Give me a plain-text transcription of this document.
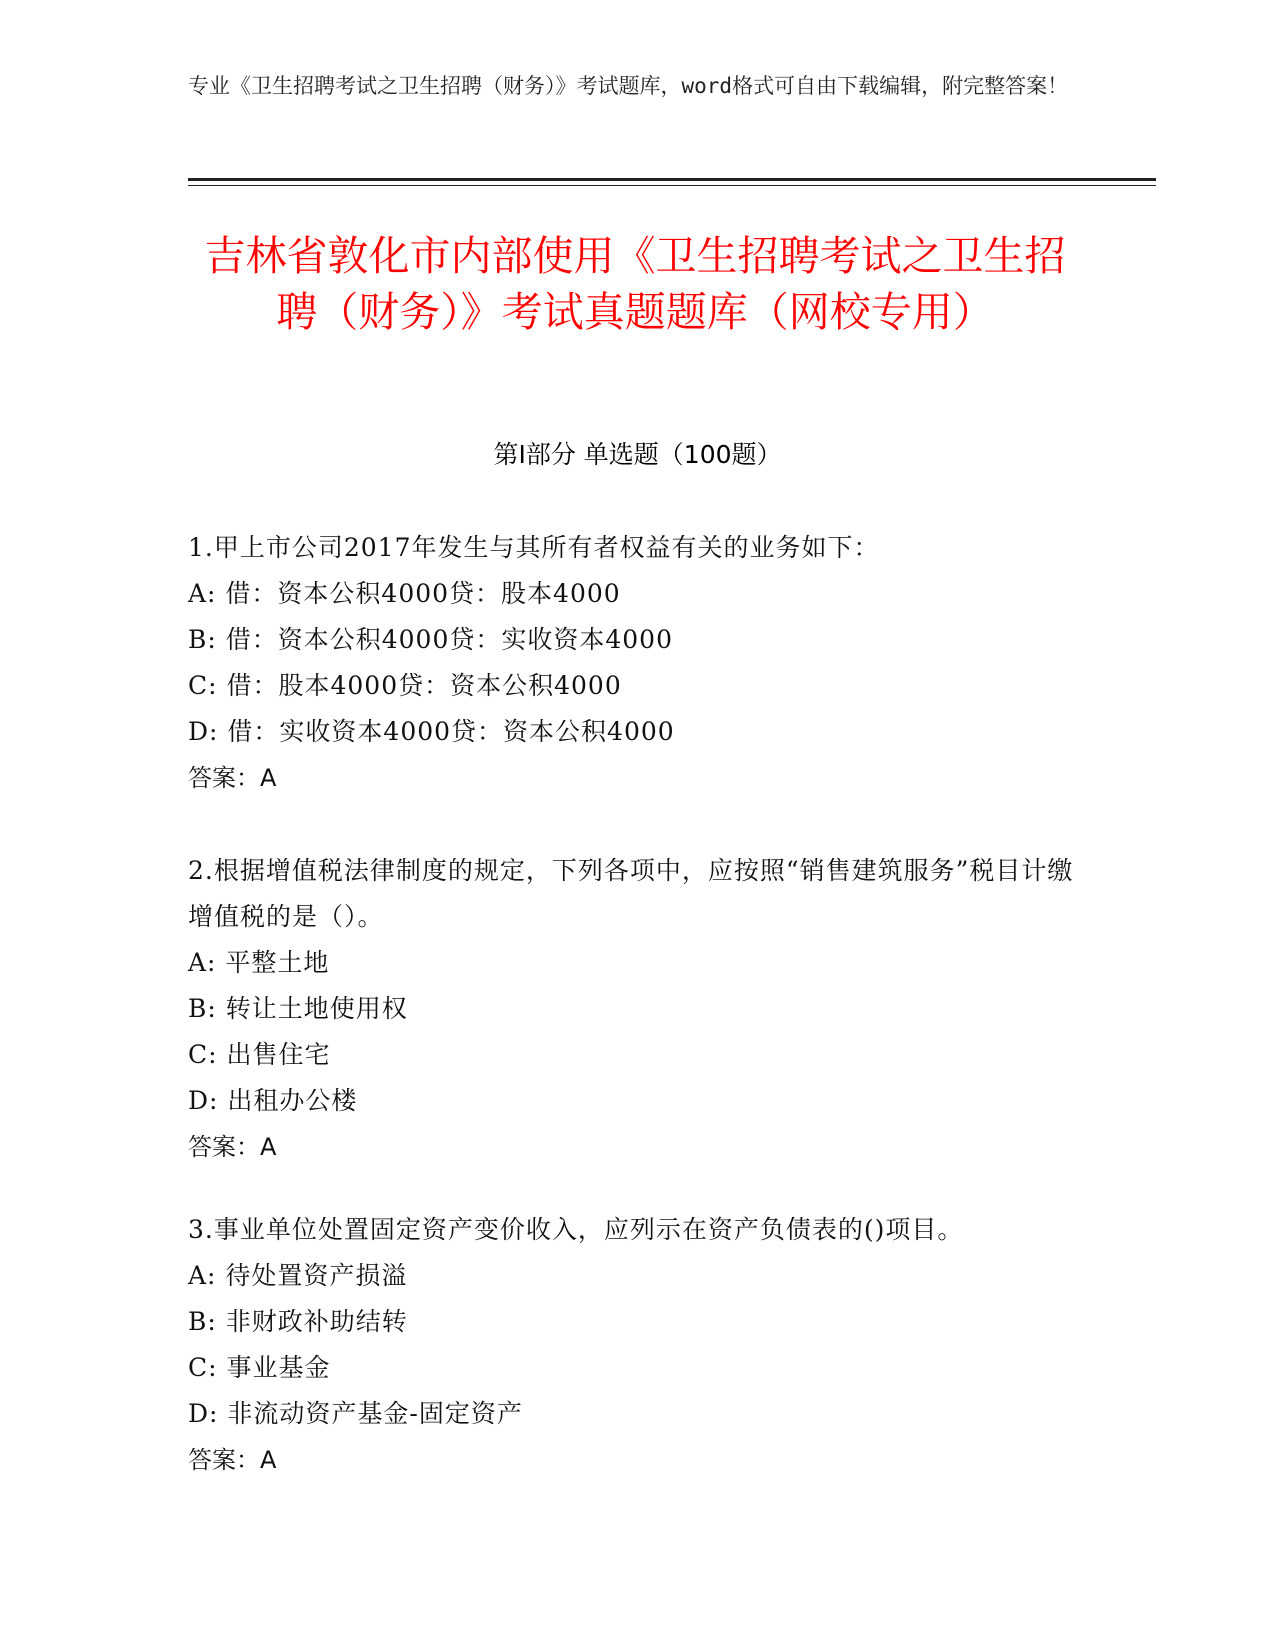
专业《卫生招聘考试之卫生招聘（财务）》考试题库，word格式可自由下载编辑，附完整答案！
吉林省敦化市内部使用《卫生招聘考试之卫生招聘（财务）》考试真题题库（网校专用）
第Ⅰ部分 单选题（100题）
1.甲上市公司2017年发生与其所有者权益有关的业务如下：
A: 借：资本公积4000贷：股本4000
B: 借：资本公积4000贷：实收资本4000
C: 借：股本4000贷：资本公积4000
D: 借：实收资本4000贷：资本公积4000
答案：A
2.根据增值税法律制度的规定，下列各项中，应按照“销售建筑服务”税目计缴增值税的是（）。
A: 平整土地
B: 转让土地使用权
C: 出售住宅
D: 出租办公楼
答案：A
3.事业单位处置固定资产变价收入，应列示在资产负债表的()项目。
A: 待处置资产损溢
B: 非财政补助结转
C: 事业基金
D: 非流动资产基金-固定资产
答案：A
